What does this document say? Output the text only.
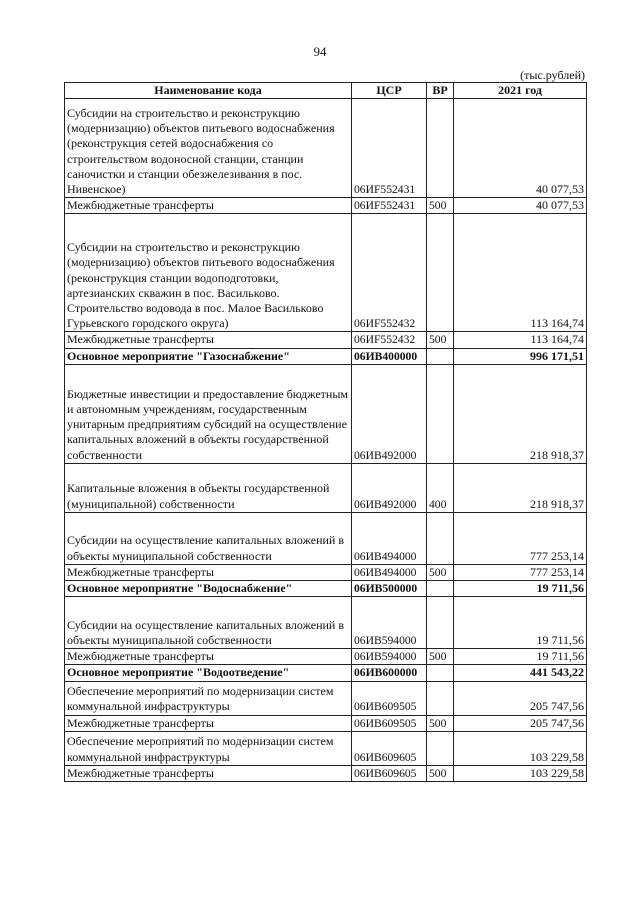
94
(тыс.рублей)
Наименование кода	ЦСР	ВР	2021 год
Субсидии на строительство и реконструкцию (модернизацию) объектов питьевого водоснабжения (реконструкция сетей водоснабжения со строительством водоносной станции, станции саночистки и станции обезжелезивания в пос. Нивенское)	06ИF552431		40 077,53
Межбюджетные трансферты	06ИF552431	500	40 077,53
Субсидии на строительство и реконструкцию (модернизацию) объектов питьевого водоснабжения (реконструкция станции водоподготовки, артезианских скважин в пос. Васильково. Строительство водовода в пос. Малое Васильково Гурьевского городского округа)	06ИF552432		113 164,74
Межбюджетные трансферты	06ИF552432	500	113 164,74
Основное мероприятие "Газоснабжение"	06ИВ400000		996 171,51
Бюджетные инвестиции и предоставление бюджетным и автономным учреждениям, государственным унитарным предприятиям субсидий на осуществление капитальных вложений в объекты государственной собственности	06ИВ492000		218 918,37
Капитальные вложения в объекты государственной (муниципальной) собственности	06ИВ492000	400	218 918,37
Субсидии на осуществление капитальных вложений в объекты муниципальной собственности	06ИВ494000		777 253,14
Межбюджетные трансферты	06ИВ494000	500	777 253,14
Основное мероприятие "Водоснабжение"	06ИВ500000		19 711,56
Субсидии на осуществление капитальных вложений в объекты муниципальной собственности	06ИВ594000		19 711,56
Межбюджетные трансферты	06ИВ594000	500	19 711,56
Основное мероприятие "Водоотведение"	06ИВ600000		441 543,22
Обеспечение мероприятий по модернизации систем коммунальной инфраструктуры	06ИВ609505		205 747,56
Межбюджетные трансферты	06ИВ609505	500	205 747,56
Обеспечение мероприятий по модернизации систем коммунальной инфраструктуры	06ИВ609605		103 229,58
Межбюджетные трансферты	06ИВ609605	500	103 229,58
